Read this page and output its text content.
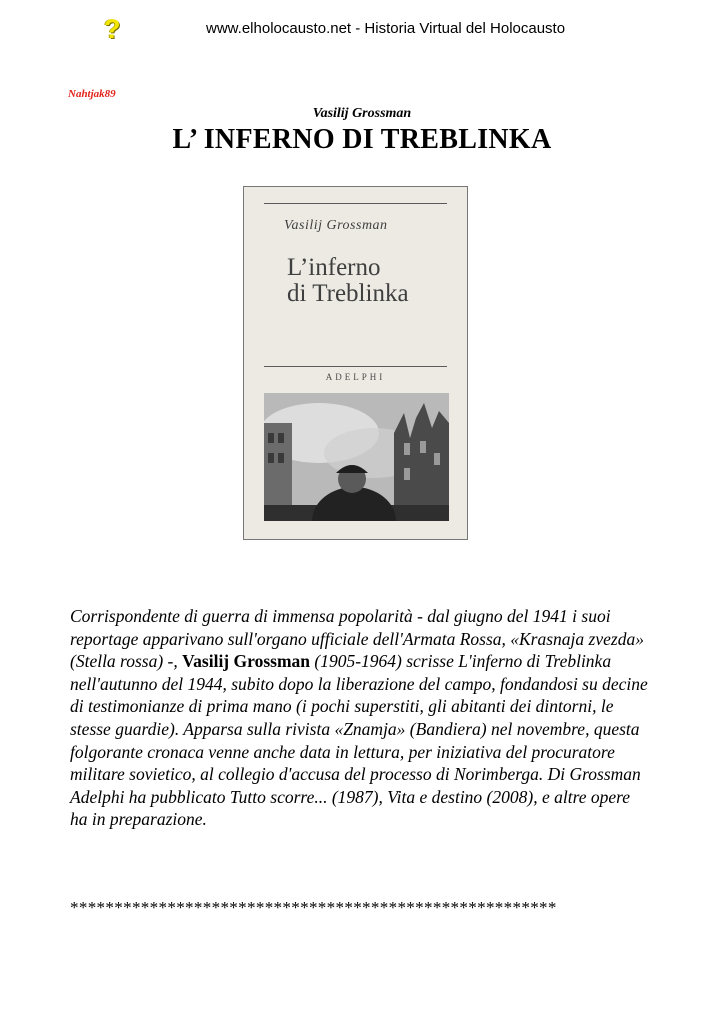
?	www.elholocausto.net - Historia Virtual del Holocausto
Nahtjak89
Vasilij Grossman
L’ INFERNO DI TREBLINKA
Vasilij Grossman
L’inferno
di Treblinka
ADELPHI

Corrispondente di guerra di immensa popolarità - dal giugno del 1941 i suoi reportage apparivano sull'organo ufficiale dell'Armata Rossa, «Krasnaja zvezda» (Stella rossa) -, Vasilij Grossman (1905-1964) scrisse L'inferno di Treblinka nell'autunno del 1944, subito dopo la liberazione del campo, fondandosi su decine di testimonianze di prima mano (i pochi superstiti, gli abitanti dei dintorni, le stesse guardie). Apparsa sulla rivista «Znamja» (Bandiera) nel novembre, questa folgorante cronaca venne anche data in lettura, per iniziativa del procuratore militare sovietico, al collegio d'accusa del processo di Norimberga. Di Grossman Adelphi ha pubblicato Tutto scorre... (1987), Vita e destino (2008), e altre opere ha in preparazione.

*******************************************************
